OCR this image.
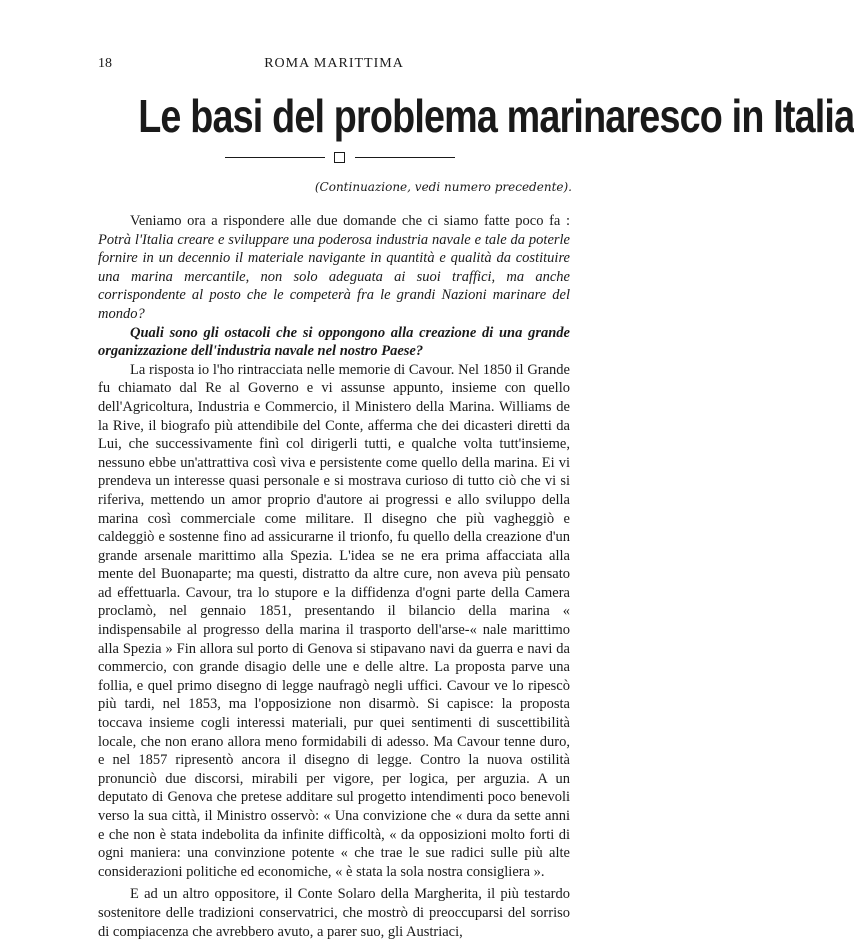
18	ROMA MARITTIMA
Le basi del problema marinaresco in Italia
(Continuazione, vedi numero precedente).

Veniamo ora a rispondere alle due domande che ci siamo fatte poco fa : Potrà l'Italia creare e sviluppare una poderosa industria navale e tale da poterle fornire in un decennio il materiale navigante in quantità e qualità da costituire una marina mercantile, non solo adeguata ai suoi traffici, ma anche corrispondente al posto che le competerà fra le grandi Nazioni marinare del mondo?

Quali sono gli ostacoli che si oppongono alla creazione di una grande organizzazione dell'industria navale nel nostro Paese?

La risposta io l'ho rintracciata nelle memorie di Cavour. Nel 1850 il Grande fu chiamato dal Re al Governo e vi assunse appunto, insieme con quello dell'Agricoltura, Industria e Commercio, il Ministero della Marina. Williams de la Rive, il biografo più attendibile del Conte, afferma che dei dicasteri diretti da Lui, che successivamente finì col dirigerli tutti, e qualche volta tutt'insieme, nessuno ebbe un'attrattiva così viva e persistente come quello della marina. Ei vi prendeva un interesse quasi personale e si mostrava curioso di tutto ciò che vi si riferiva, mettendo un amor proprio d'autore ai progressi e allo sviluppo della marina così commerciale come militare. Il disegno che più vagheggiò e caldeggiò e sostenne fino ad assicurarne il trionfo, fu quello della creazione d'un grande arsenale marittimo alla Spezia. L'idea se ne era prima affacciata alla mente del Buonaparte; ma questi, distratto da altre cure, non aveva più pensato ad effettuarla. Cavour, tra lo stupore e la diffidenza d'ogni parte della Camera proclamò, nel gennaio 1851, presentando il bilancio della marina « indispensabile al progresso della marina il trasporto dell'arse-« nale marittimo alla Spezia » Fin allora sul porto di Genova si stipavano navi da guerra e navi da commercio, con grande disagio delle une e delle altre. La proposta parve una follia, e quel primo disegno di legge naufragò negli uffici. Cavour ve lo ripescò più tardi, nel 1853, ma l'opposizione non disarmò. Si capisce: la proposta toccava insieme cogli interessi materiali, pur quei sentimenti di suscettibilità locale, che non erano allora meno formidabili di adesso. Ma Cavour tenne duro, e nel 1857 ripresentò ancora il disegno di legge. Contro la nuova ostilità pronunciò due discorsi, mirabili per vigore, per logica, per arguzia. A un deputato di Genova che pretese additare sul progetto intendimenti poco benevoli verso la sua città, il Ministro osservò: « Una convizione che « dura da sette anni e che non è stata indebolita da infinite difficoltà, « da opposizioni molto forti di ogni maniera: una convinzione potente « che trae le sue radici sulle più alte considerazioni politiche ed economiche, « è stata la sola nostra consigliera ».

E ad un altro oppositore, il Conte Solaro della Margherita, il più testardo sostenitore delle tradizioni conservatrici, che mostrò di preoccuparsi del sorriso di compiacenza che avrebbero avuto, a parer suo, gli Austriaci,
